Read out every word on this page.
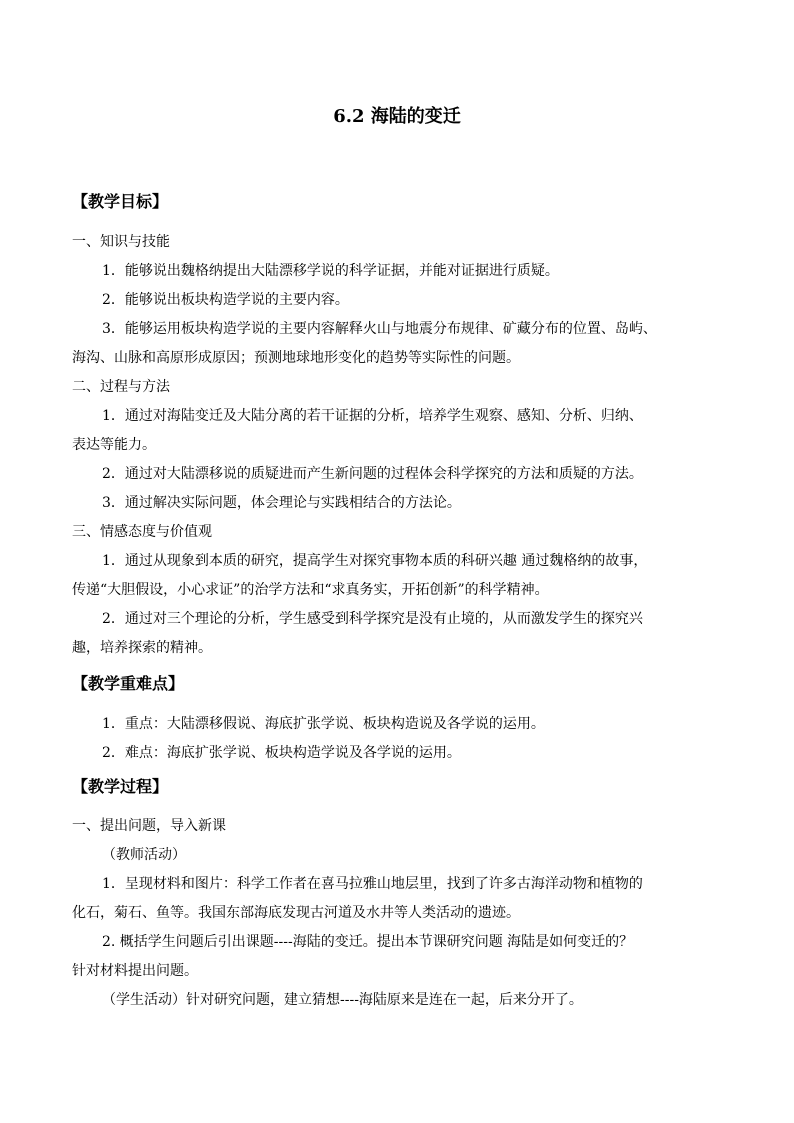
6.2 海陆的变迁
【教学目标】
一、知识与技能
1．能够说出魏格纳提出大陆漂移学说的科学证据，并能对证据进行质疑。
2．能够说出板块构造学说的主要内容。
3．能够运用板块构造学说的主要内容解释火山与地震分布规律、矿藏分布的位置、岛屿、
海沟、山脉和高原形成原因；预测地球地形变化的趋势等实际性的问题。
二、过程与方法
1．通过对海陆变迁及大陆分离的若干证据的分析，培养学生观察、感知、分析、归纳、
表达等能力。
2．通过对大陆漂移说的质疑进而产生新问题的过程体会科学探究的方法和质疑的方法。
3．通过解决实际问题，体会理论与实践相结合的方法论。
三、情感态度与价值观
1．通过从现象到本质的研究，提高学生对探究事物本质的科研兴趣 通过魏格纳的故事，
传递“大胆假设，小心求证”的治学方法和“求真务实，开拓创新”的科学精神。
2．通过对三个理论的分析，学生感受到科学探究是没有止境的，从而激发学生的探究兴
趣，培养探索的精神。
【教学重难点】
1．重点：大陆漂移假说、海底扩张学说、板块构造说及各学说的运用。
2．难点：海底扩张学说、板块构造学说及各学说的运用。
【教学过程】
一、提出问题，导入新课
（教师活动）
1．呈现材料和图片：科学工作者在喜马拉雅山地层里，找到了许多古海洋动物和植物的
化石，菊石、鱼等。我国东部海底发现古河道及水井等人类活动的遗迹。
2. 概括学生问题后引出课题----海陆的变迁。提出本节课研究问题 海陆是如何变迁的？
针对材料提出问题。
（学生活动）针对研究问题，建立猜想----海陆原来是连在一起，后来分开了。
